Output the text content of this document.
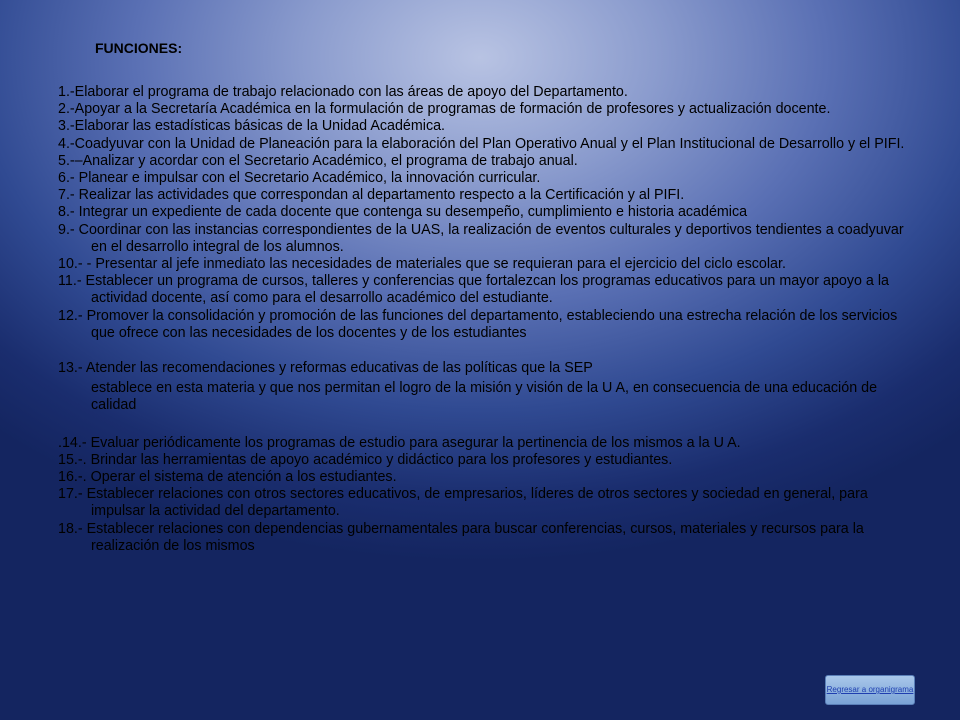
FUNCIONES:

1.-Elaborar el programa de trabajo relacionado con las áreas de apoyo del Departamento.

2.-Apoyar a la Secretaría Académica en la formulación de programas de formación de profesores y actualización docente.

3.-Elaborar las estadísticas básicas de la Unidad Académica.

4.-Coadyuvar con la Unidad de Planeación para la elaboración del Plan Operativo Anual y el Plan Institucional de Desarrollo y el PIFI.

5.-–Analizar y acordar con el Secretario Académico, el programa de trabajo anual.

6.- Planear e impulsar con el Secretario Académico, la innovación curricular.

7.- Realizar las actividades que correspondan al departamento respecto a la Certificación y al PIFI.

8.- Integrar un expediente de cada docente que contenga su desempeño, cumplimiento e historia académica

9.- Coordinar con las instancias correspondientes de la UAS, la realización de eventos culturales y deportivos tendientes a coadyuvar en el desarrollo integral de los alumnos.

10.- - Presentar al jefe inmediato las necesidades de materiales que se requieran para el ejercicio del ciclo escolar.

11.- Establecer un programa de cursos, talleres y conferencias que fortalezcan los programas educativos para un mayor apoyo a la actividad docente, así como para el desarrollo académico del estudiante.

12.- Promover la consolidación y promoción de las funciones del departamento, estableciendo una estrecha relación de los servicios que ofrece con las necesidades de los docentes y de los estudiantes

13.- Atender las recomendaciones y reformas educativas de las políticas que la SEP

establece en esta materia y que nos permitan el logro de la misión y visión de la U A, en consecuencia de una educación de calidad

.14.- Evaluar periódicamente los programas de estudio para asegurar la pertinencia de los mismos a la U A.

15.-. Brindar las herramientas de apoyo académico y didáctico para los profesores y estudiantes.

16.-. Operar el sistema de atención a los estudiantes.

17.- Establecer relaciones con otros sectores educativos, de empresarios, líderes de otros sectores y sociedad en general, para impulsar la actividad del departamento.

18.- Establecer relaciones con dependencias gubernamentales para buscar conferencias, cursos, materiales y recursos para la realización de los mismos

Regresar a organigrama
